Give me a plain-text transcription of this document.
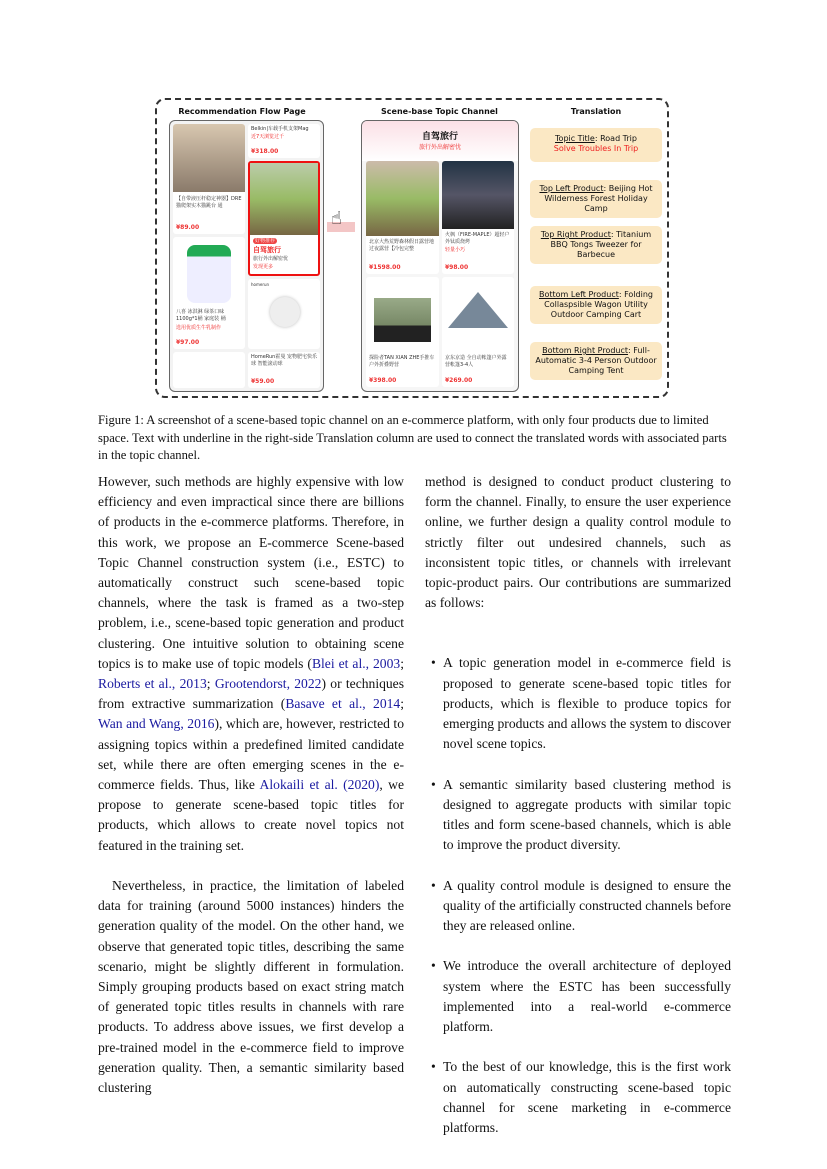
Recommendation Flow Page	Scene-base Topic Channel	Translation
【自带液压杆稳定神器】DRE猫爬架实木猫跳台 通
¥89.00
Belkin|车载手机支架Mag
近7天浏览过千
¥318.00
好物推荐
自驾旅行
旅行外出解密忧
发现更多
八喜 冰淇淋 绿茶口味 1100g*1桶 家庭装 桶
选用优质生牛乳制作
¥97.00
homerun
HomeRun霍曼 宠物肥宅快乐球 智能滚动球
¥59.00
☝
自驾旅行
旅行外出解密忧
北京大热荒野森林假日露营地过夜露营【冷包完整
¥1598.00
火枫（FIRE-MAPLE）超轻户外钛质烧烤
轻量小巧
¥98.00
探险者TAN XIAN ZHE手推车户外折叠野营
¥398.00
京东京造 全自动帐篷户外露营帐篷3-4人
¥269.00
Topic Title: Road Trip
Solve Troubles In Trip
Top Left Product: Beijing Hot Wilderness Forest Holiday Camp
Top Right Product: Titanium BBQ Tongs Tweezer for Barbecue
Bottom Left Product: Folding Collaspsible Wagon Utility Outdoor Camping Cart
Bottom Right Product: Full-Automatic 3-4 Person Outdoor Camping Tent
Figure 1: A screenshot of a scene-based topic channel on an e-commerce platform, with only four products due to limited space. Text with underline in the right-side Translation column are used to connect the translated words with associated parts in the topic channel.

However, such methods are highly expensive with low efficiency and even impractical since there are billions of products in the e-commerce platforms. Therefore, in this work, we propose an E-commerce Scene-based Topic Channel construction system (i.e., ESTC) to automatically construct such scene-based topic channels, where the task is framed as a two-step problem, i.e., scene-based topic generation and product clustering. One intuitive solution to obtaining scene topics is to make use of topic models (Blei et al., 2003; Roberts et al., 2013; Grootendorst, 2022) or techniques from extractive summarization (Basave et al., 2014; Wan and Wang, 2016), which are, however, restricted to assigning topics within a predefined limited candidate set, while there are often emerging scenes in the e-commerce fields. Thus, like Alokaili et al. (2020), we propose to generate scene-based topic titles for products, which allows to create novel topics not featured in the training set.

Nevertheless, in practice, the limitation of labeled data for training (around 5000 instances) hinders the generation quality of the model. On the other hand, we observe that generated topic titles, describing the same scenario, might be slightly different in formulation. Simply grouping products based on exact string match of generated topic titles results in channels with rare products. To address above issues, we first develop a pre-trained model in the e-commerce field to improve generation quality. Then, a semantic similarity based clustering

method is designed to conduct product clustering to form the channel. Finally, to ensure the user experience online, we further design a quality control module to strictly filter out undesired channels, such as inconsistent topic titles, or channels with irrelevant topic-product pairs. Our contributions are summarized as follows:

• A topic generation model in e-commerce field is proposed to generate scene-based topic titles for products, which is flexible to produce topics for emerging products and allows the system to discover novel scene topics.
• A semantic similarity based clustering method is designed to aggregate products with similar topic titles and form scene-based channels, which is able to improve the product diversity.
• A quality control module is designed to ensure the quality of the artificially constructed channels before they are released online.
• We introduce the overall architecture of deployed system where the ESTC has been successfully implemented into a real-world e-commerce platform.
• To the best of our knowledge, this is the first work on automatically constructing scene-based topic channel for scene marketing in e-commerce platforms.
